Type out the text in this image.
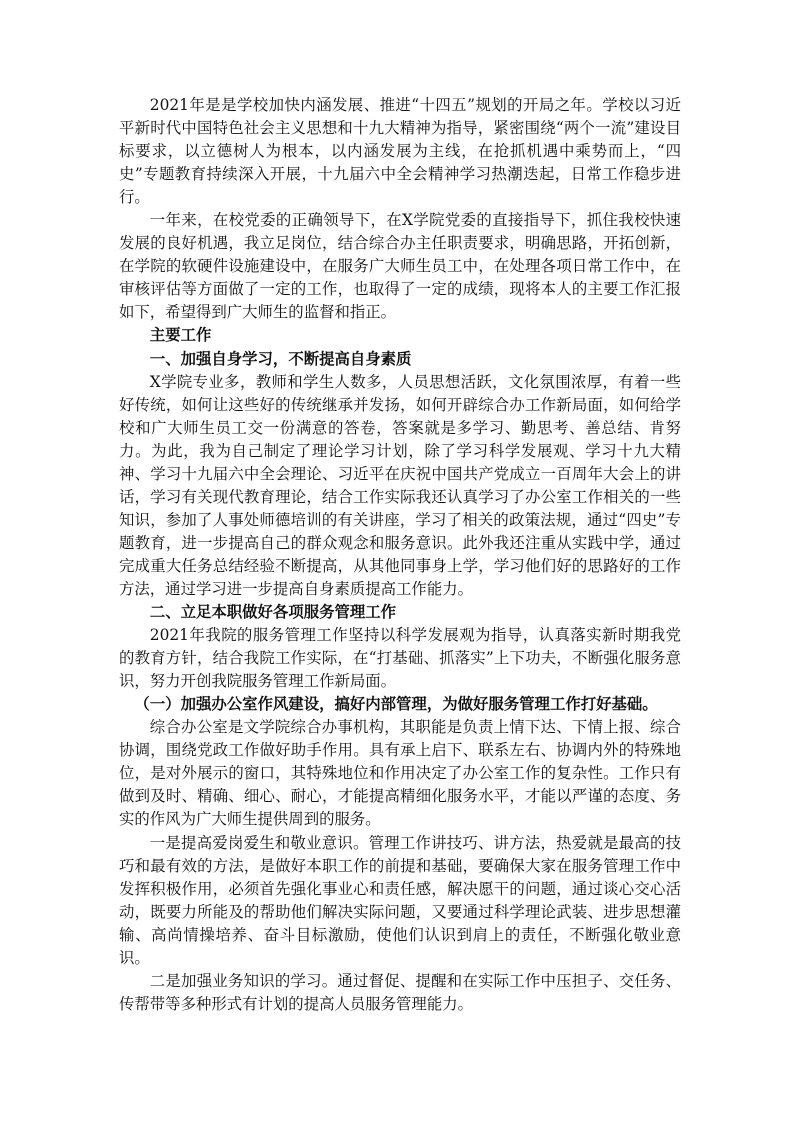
2021年是是学校加快内涵发展、推进“十四五”规划的开局之年。学校以习近平新时代中国特色社会主义思想和十九大精神为指导，紧密围绕“两个一流”建设目标要求，以立德树人为根本，以内涵发展为主线，在抢抓机遇中乘势而上，“四史”专题教育持续深入开展，十九届六中全会精神学习热潮迭起，日常工作稳步进行。

一年来，在校党委的正确领导下，在X学院党委的直接指导下，抓住我校快速发展的良好机遇，我立足岗位，结合综合办主任职责要求，明确思路，开拓创新，在学院的软硬件设施建设中，在服务广大师生员工中，在处理各项日常工作中，在审核评估等方面做了一定的工作，也取得了一定的成绩，现将本人的主要工作汇报如下，希望得到广大师生的监督和指正。

主要工作

一、加强自身学习，不断提高自身素质

X学院专业多，教师和学生人数多，人员思想活跃，文化氛围浓厚，有着一些好传统，如何让这些好的传统继承并发扬，如何开辟综合办工作新局面，如何给学校和广大师生员工交一份满意的答卷，答案就是多学习、勤思考、善总结、肯努力。为此，我为自己制定了理论学习计划，除了学习科学发展观、学习十九大精神、学习十九届六中全会理论、习近平在庆祝中国共产党成立一百周年大会上的讲话，学习有关现代教育理论，结合工作实际我还认真学习了办公室工作相关的一些知识，参加了人事处师德培训的有关讲座，学习了相关的政策法规，通过“四史”专题教育，进一步提高自己的群众观念和服务意识。此外我还注重从实践中学，通过完成重大任务总结经验不断提高，从其他同事身上学，学习他们好的思路好的工作方法，通过学习进一步提高自身素质提高工作能力。

二、立足本职做好各项服务管理工作

2021年我院的服务管理工作坚持以科学发展观为指导，认真落实新时期我党的教育方针，结合我院工作实际，在“打基础、抓落实”上下功夫，不断强化服务意识，努力开创我院服务管理工作新局面。

（一）加强办公室作风建设，搞好内部管理，为做好服务管理工作打好基础。

综合办公室是文学院综合办事机构，其职能是负责上情下达、下情上报、综合协调，围绕党政工作做好助手作用。具有承上启下、联系左右、协调内外的特殊地位，是对外展示的窗口，其特殊地位和作用决定了办公室工作的复杂性。工作只有做到及时、精确、细心、耐心，才能提高精细化服务水平，才能以严谨的态度、务实的作风为广大师生提供周到的服务。

一是提高爱岗爱生和敬业意识。管理工作讲技巧、讲方法，热爱就是最高的技巧和最有效的方法，是做好本职工作的前提和基础，要确保大家在服务管理工作中发挥积极作用，必须首先强化事业心和责任感，解决愿干的问题，通过谈心交心活动，既要力所能及的帮助他们解决实际问题，又要通过科学理论武装、进步思想灌输、高尚情操培养、奋斗目标激励，使他们认识到肩上的责任，不断强化敬业意识。

二是加强业务知识的学习。通过督促、提醒和在实际工作中压担子、交任务、传帮带等多种形式有计划的提高人员服务管理能力。
